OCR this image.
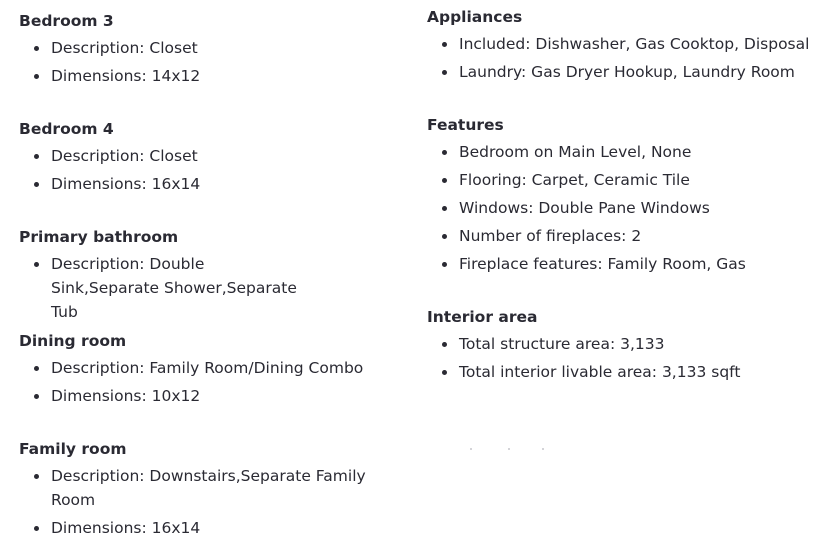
Bedroom 3
Description: Closet
Dimensions: 14x12
Bedroom 4
Description: Closet
Dimensions: 16x14
Primary bathroom
Description: Double Sink,Separate Shower,Separate Tub
Dining room
Description: Family Room/Dining Combo
Dimensions: 10x12
Family room
Description: Downstairs,Separate Family Room
Dimensions: 16x14
Appliances
Included: Dishwasher, Gas Cooktop, Disposal
Laundry: Gas Dryer Hookup, Laundry Room
Features
Bedroom on Main Level, None
Flooring: Carpet, Ceramic Tile
Windows: Double Pane Windows
Number of fireplaces: 2
Fireplace features: Family Room, Gas
Interior area
Total structure area: 3,133
Total interior livable area: 3,133 sqft
